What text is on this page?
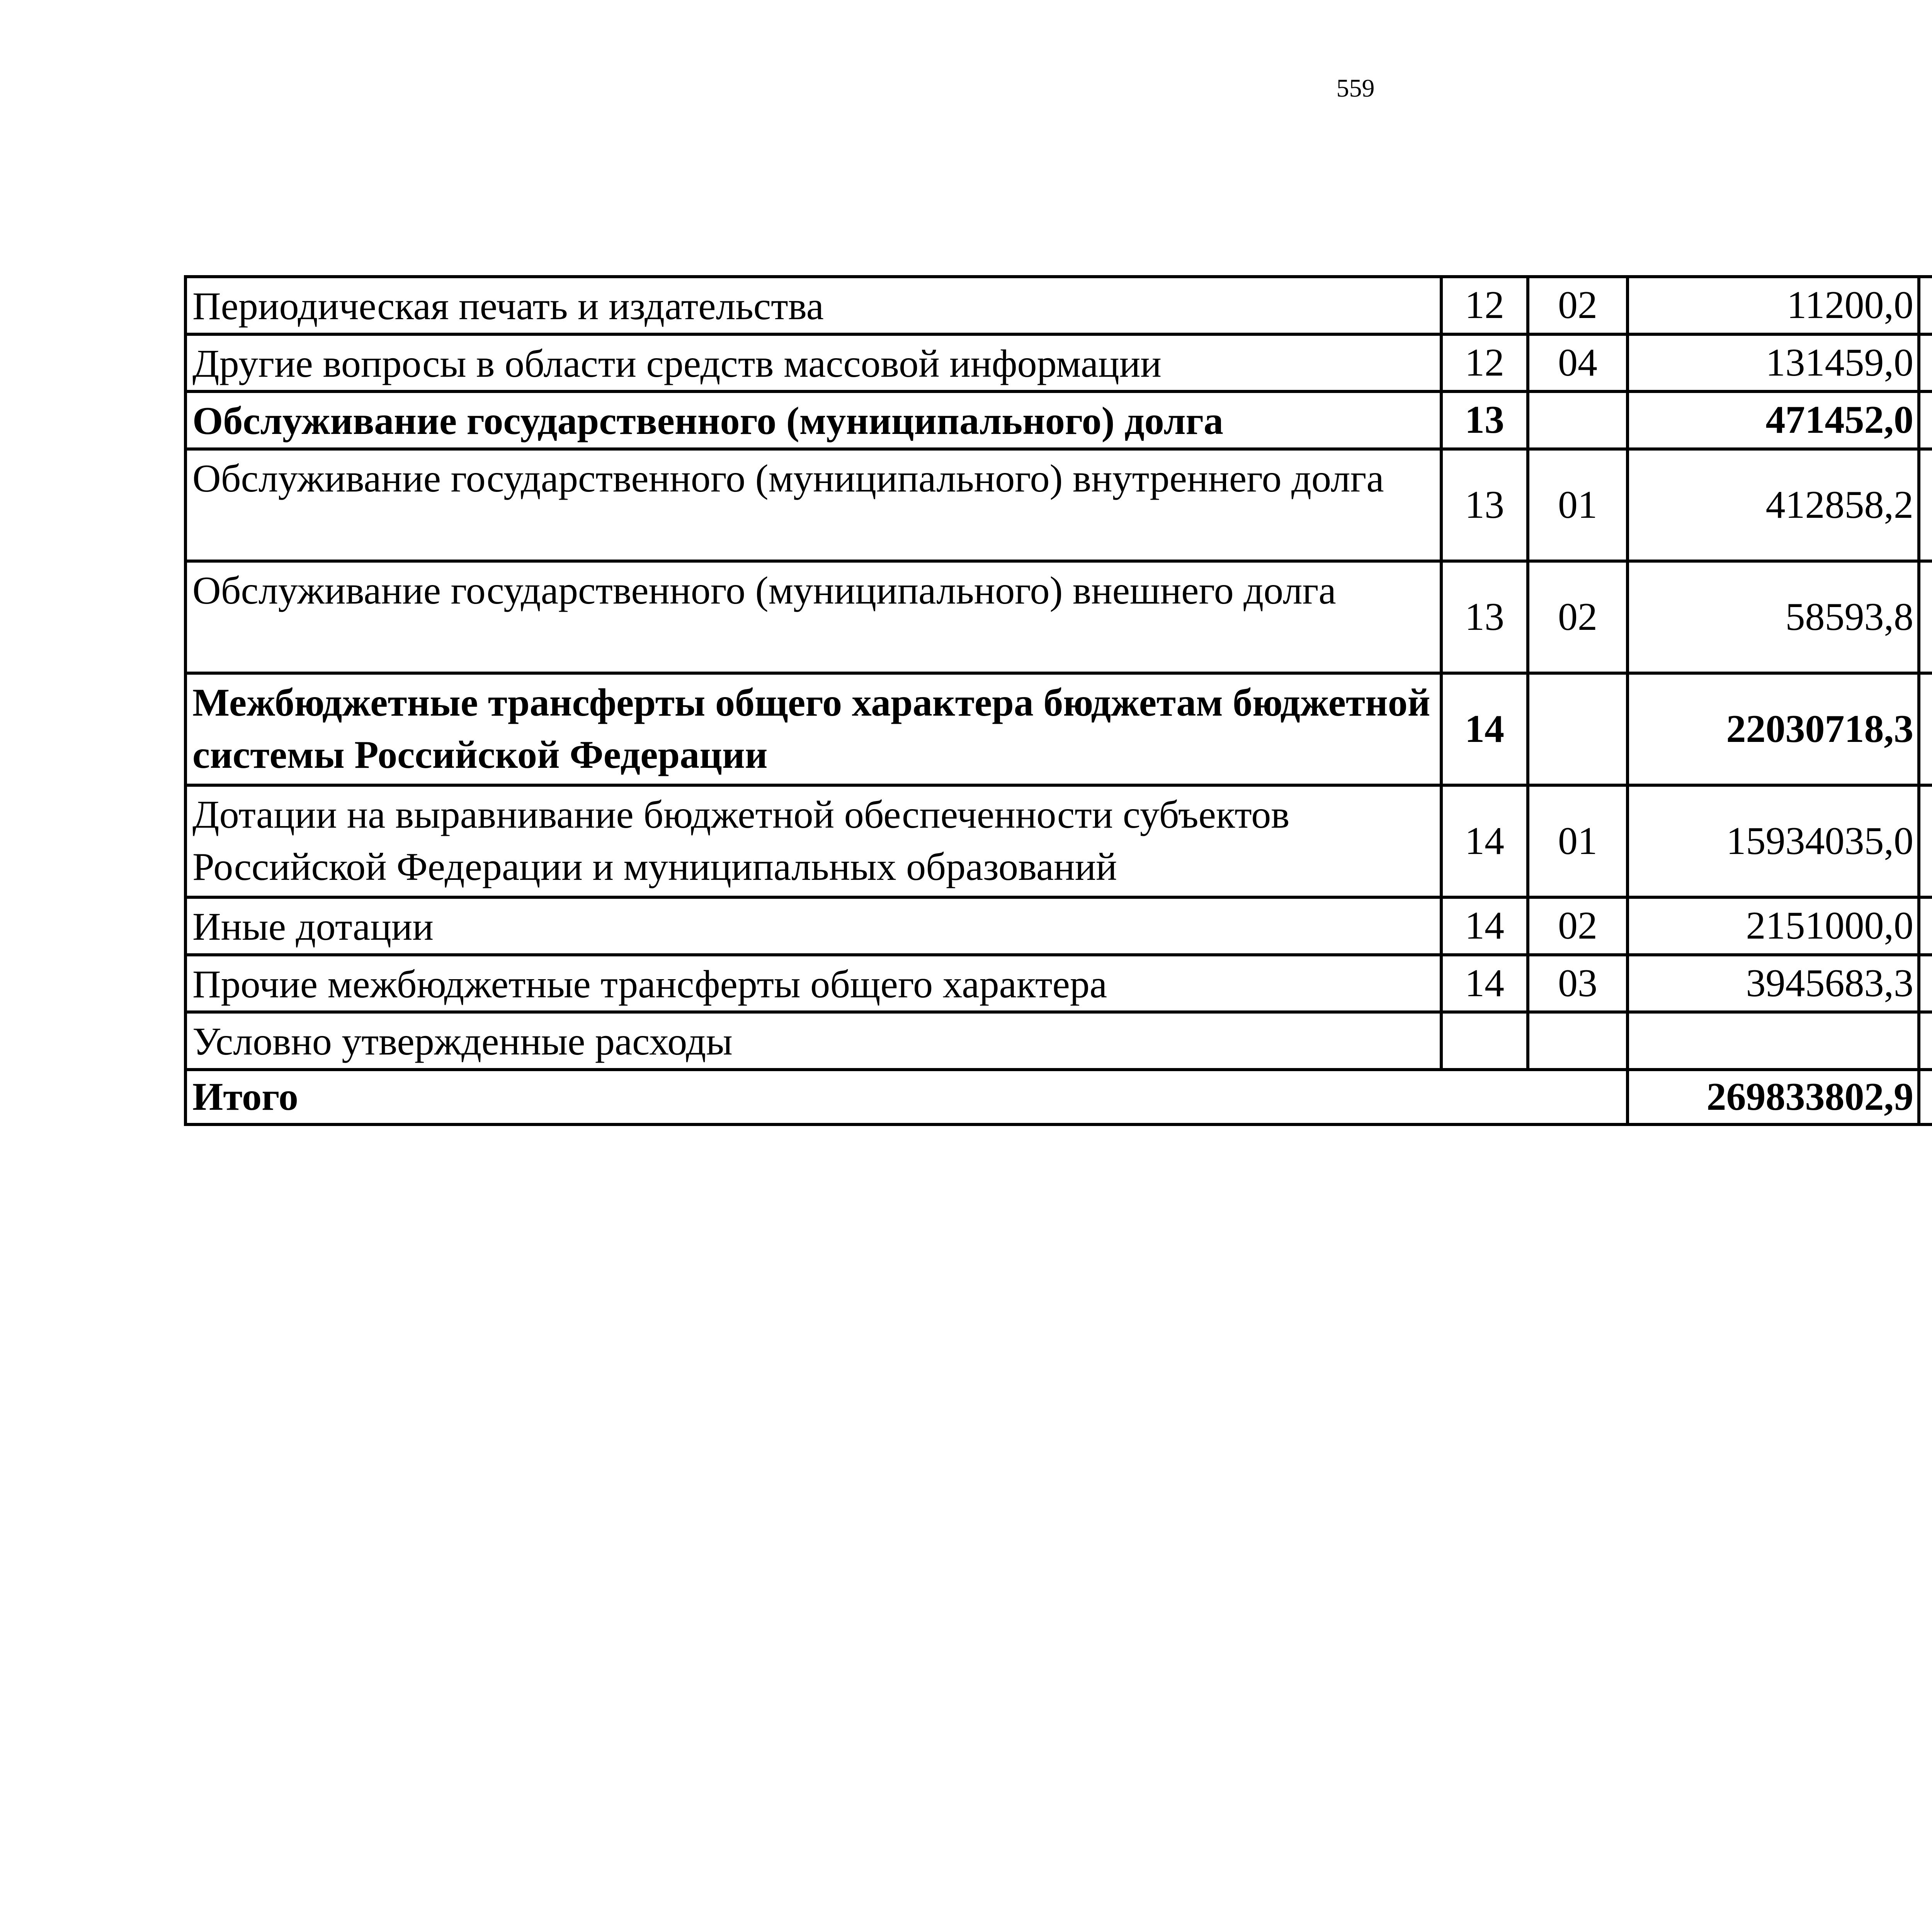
559
Периодическая печать и издательства	12	02	11200,0		
Другие вопросы в области средств массовой информации	12	04	131459,0		
Обслуживание государственного (муниципального) долга	13		471452,0		
Обслуживание государственного (муниципального) внутреннего долга	13	01	412858,2		
Обслуживание государственного (муниципального) внешнего долга	13	02	58593,8		
Межбюджетные трансферты общего характера бюджетам бюджетной системы Российской Федерации	14		22030718,3		
Дотации на выравнивание бюджетной обеспеченности субъектов Российской Федерации и муниципальных образований	14	01	15934035,0		
Иные дотации	14	02	2151000,0		
Прочие межбюджетные трансферты общего характера	14	03	3945683,3		
Условно утвержденные расходы					
Итого			269833802,9		
